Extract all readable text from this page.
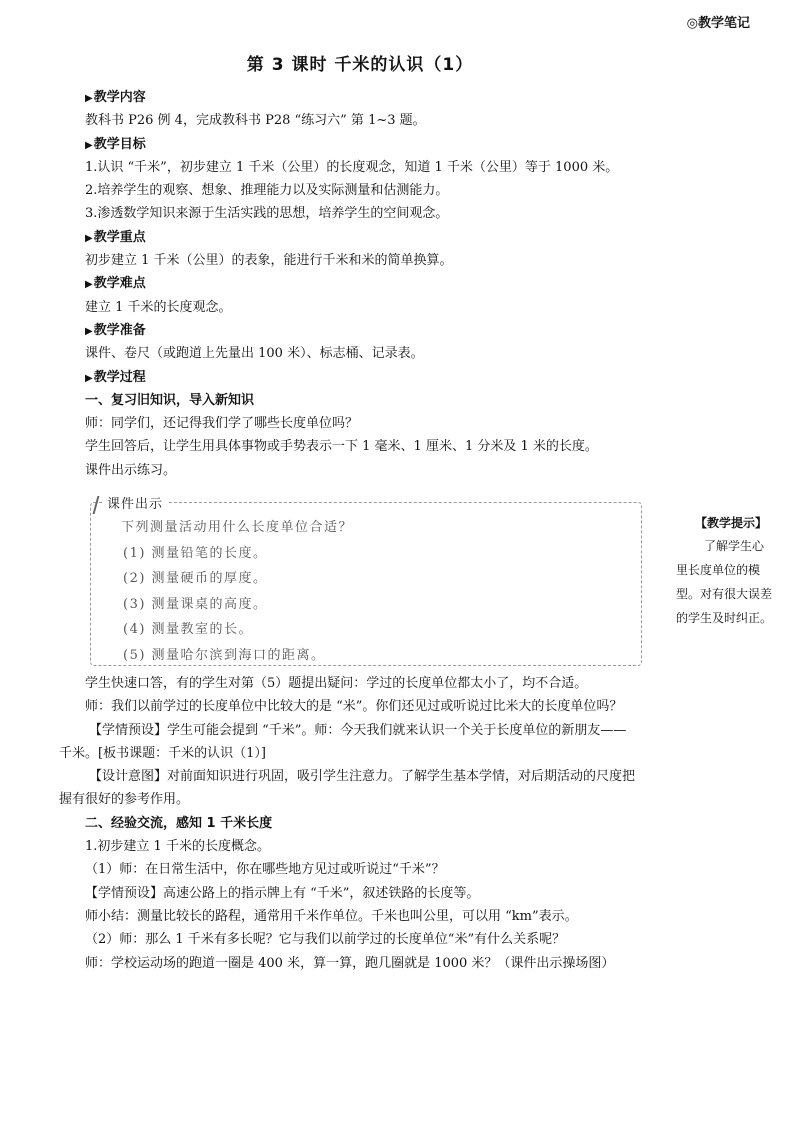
◎教学笔记
第 3 课时 千米的认识（1）
▶教学内容
教科书 P26 例 4，完成教科书 P28 “练习六” 第 1~3 题。
▶教学目标
1.认识 “千米”，初步建立 1 千米（公里）的长度观念，知道 1 千米（公里）等于 1000 米。
2.培养学生的观察、想象、推理能力以及实际测量和估测能力。
3.渗透数学知识来源于生活实践的思想，培养学生的空间观念。
▶教学重点
初步建立 1 千米（公里）的表象，能进行千米和米的简单换算。
▶教学难点
建立 1 千米的长度观念。
▶教学准备
课件、卷尺（或跑道上先量出 100 米）、标志桶、记录表。
▶教学过程
一、复习旧知识，导入新知识
师：同学们，还记得我们学了哪些长度单位吗？
学生回答后，让学生用具体事物或手势表示一下 1 毫米、1 厘米、1 分米及 1 米的长度。
课件出示练习。
课件出示
下列测量活动用什么长度单位合适？
(1) 测量铅笔的长度。
(2) 测量硬币的厚度。
(3) 测量课桌的高度。
(4) 测量教室的长。
(5) 测量哈尔滨到海口的距离。
【教学提示】
了解学生心
里长度单位的模
型。对有很大误差
的学生及时纠正。
学生快速口答，有的学生对第（5）题提出疑问：学过的长度单位都太小了，均不合适。
师：我们以前学过的长度单位中比较大的是 “米”。你们还见过或听说过比米大的长度单位吗？
【学情预设】学生可能会提到 “千米”。师：今天我们就来认识一个关于长度单位的新朋友——
千米。[板书课题：千米的认识（1）]
【设计意图】对前面知识进行巩固，吸引学生注意力。了解学生基本学情，对后期活动的尺度把
握有很好的参考作用。
二、经验交流，感知 1 千米长度
1.初步建立 1 千米的长度概念。
（1）师：在日常生活中，你在哪些地方见过或听说过“千米”？
【学情预设】高速公路上的指示牌上有 “千米”，叙述铁路的长度等。
师小结：测量比较长的路程，通常用千米作单位。千米也叫公里，可以用 “km”表示。
（2）师：那么 1 千米有多长呢？它与我们以前学过的长度单位“米”有什么关系呢？
师：学校运动场的跑道一圈是 400 米，算一算，跑几圈就是 1000 米？（课件出示操场图）
